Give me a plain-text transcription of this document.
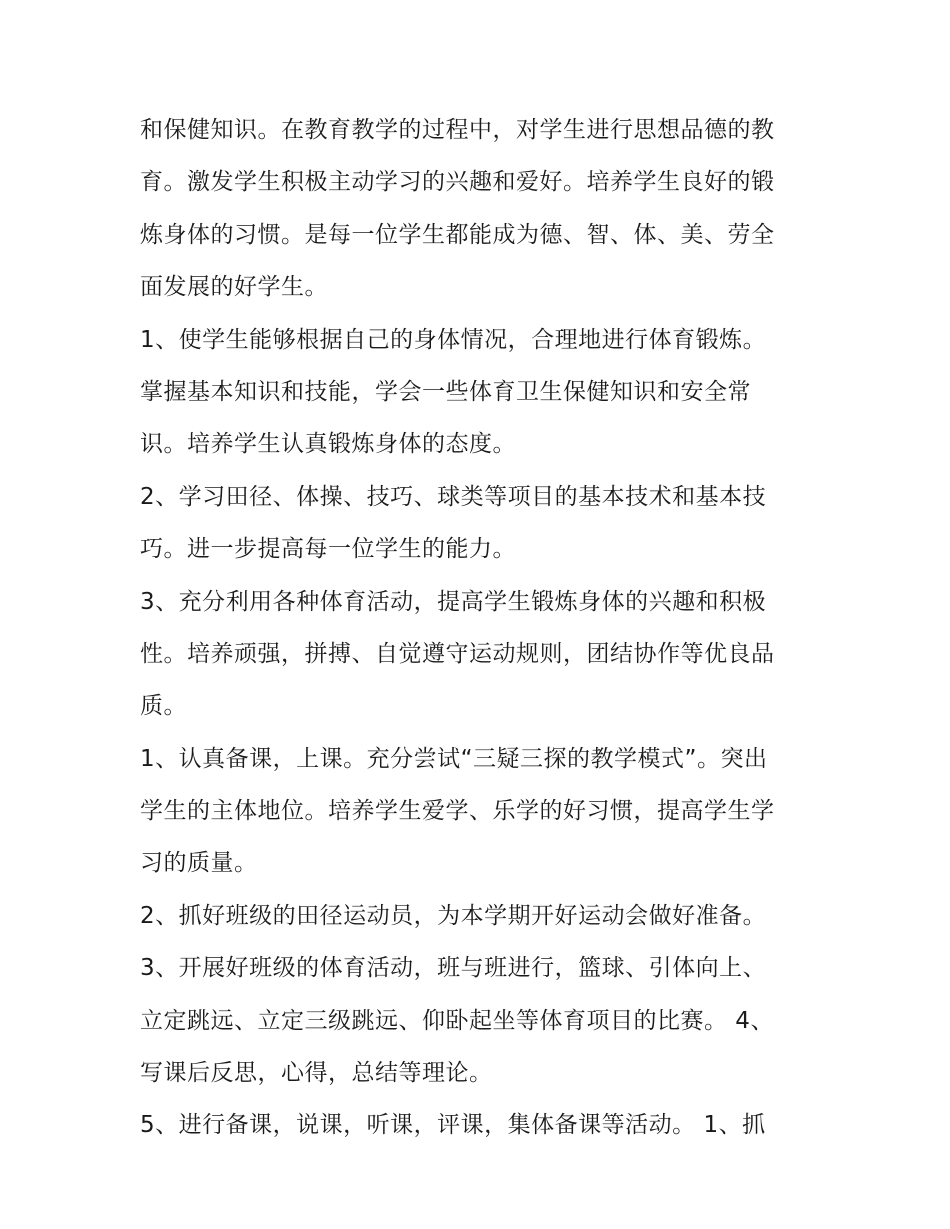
和保健知识。在教育教学的过程中，对学生进行思想品德的教
育。激发学生积极主动学习的兴趣和爱好。培养学生良好的锻
炼身体的习惯。是每一位学生都能成为德、智、体、美、劳全
面发展的好学生。
1、使学生能够根据自己的身体情况，合理地进行体育锻炼。
掌握基本知识和技能，学会一些体育卫生保健知识和安全常
识。培养学生认真锻炼身体的态度。
2、学习田径、体操、技巧、球类等项目的基本技术和基本技
巧。进一步提高每一位学生的能力。
3、充分利用各种体育活动，提高学生锻炼身体的兴趣和积极
性。培养顽强，拼搏、自觉遵守运动规则，团结协作等优良品
质。
1、认真备课，上课。充分尝试“三疑三探的教学模式”。突出
学生的主体地位。培养学生爱学、乐学的好习惯，提高学生学
习的质量。
2、抓好班级的田径运动员，为本学期开好运动会做好准备。
3、开展好班级的体育活动，班与班进行，篮球、引体向上、
立定跳远、立定三级跳远、仰卧起坐等体育项目的比赛。 4、
写课后反思，心得，总结等理论。
5、进行备课，说课，听课，评课，集体备课等活动。 1、抓
